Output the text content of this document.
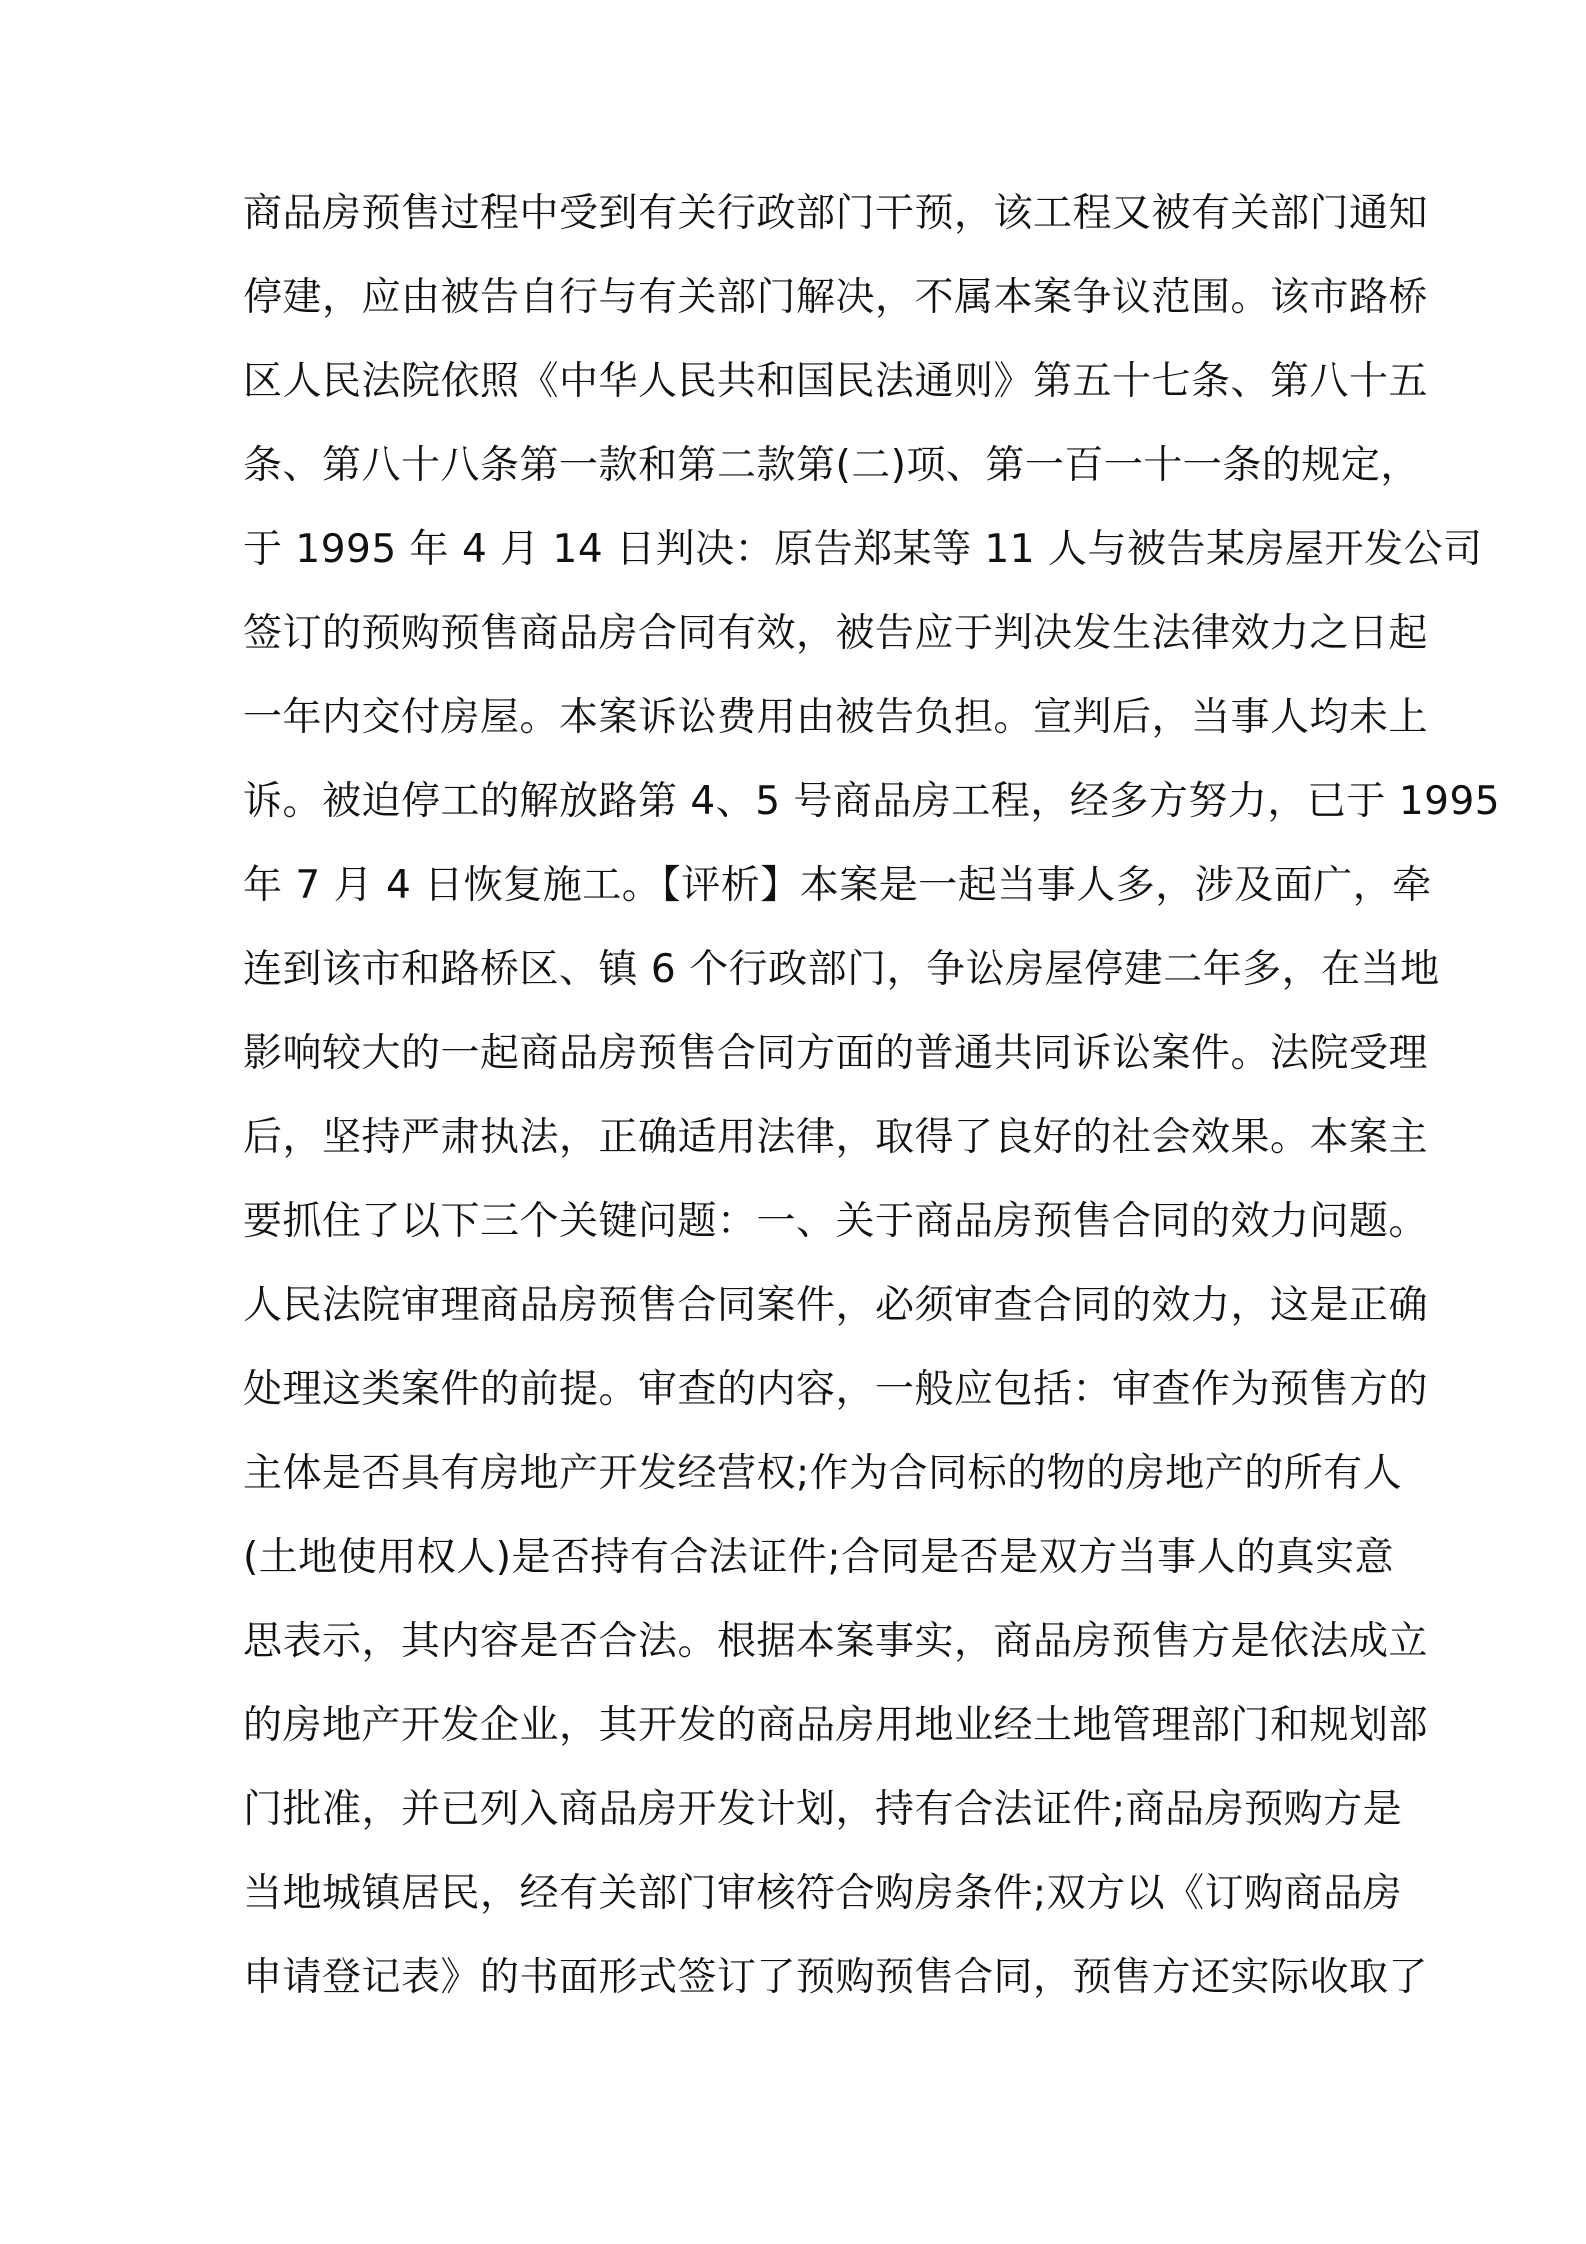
商品房预售过程中受到有关行政部门干预，该工程又被有关部门通知
停建，应由被告自行与有关部门解决，不属本案争议范围。该市路桥
区人民法院依照《中华人民共和国民法通则》第五十七条、第八十五
条、第八十八条第一款和第二款第(二)项、第一百一十一条的规定，
于 1995 年 4 月 14 日判决：原告郑某等 11 人与被告某房屋开发公司
签订的预购预售商品房合同有效，被告应于判决发生法律效力之日起
一年内交付房屋。本案诉讼费用由被告负担。宣判后，当事人均未上
诉。被迫停工的解放路第 4、5 号商品房工程，经多方努力，已于 1995
年 7 月 4 日恢复施工。【评析】本案是一起当事人多，涉及面广，牵
连到该市和路桥区、镇 6 个行政部门，争讼房屋停建二年多，在当地
影响较大的一起商品房预售合同方面的普通共同诉讼案件。法院受理
后，坚持严肃执法，正确适用法律，取得了良好的社会效果。本案主
要抓住了以下三个关键问题：一、关于商品房预售合同的效力问题。
人民法院审理商品房预售合同案件，必须审查合同的效力，这是正确
处理这类案件的前提。审查的内容，一般应包括：审查作为预售方的
主体是否具有房地产开发经营权;作为合同标的物的房地产的所有人
(土地使用权人)是否持有合法证件;合同是否是双方当事人的真实意
思表示，其内容是否合法。根据本案事实，商品房预售方是依法成立
的房地产开发企业，其开发的商品房用地业经土地管理部门和规划部
门批准，并已列入商品房开发计划，持有合法证件;商品房预购方是
当地城镇居民，经有关部门审核符合购房条件;双方以《订购商品房
申请登记表》的书面形式签订了预购预售合同，预售方还实际收取了
